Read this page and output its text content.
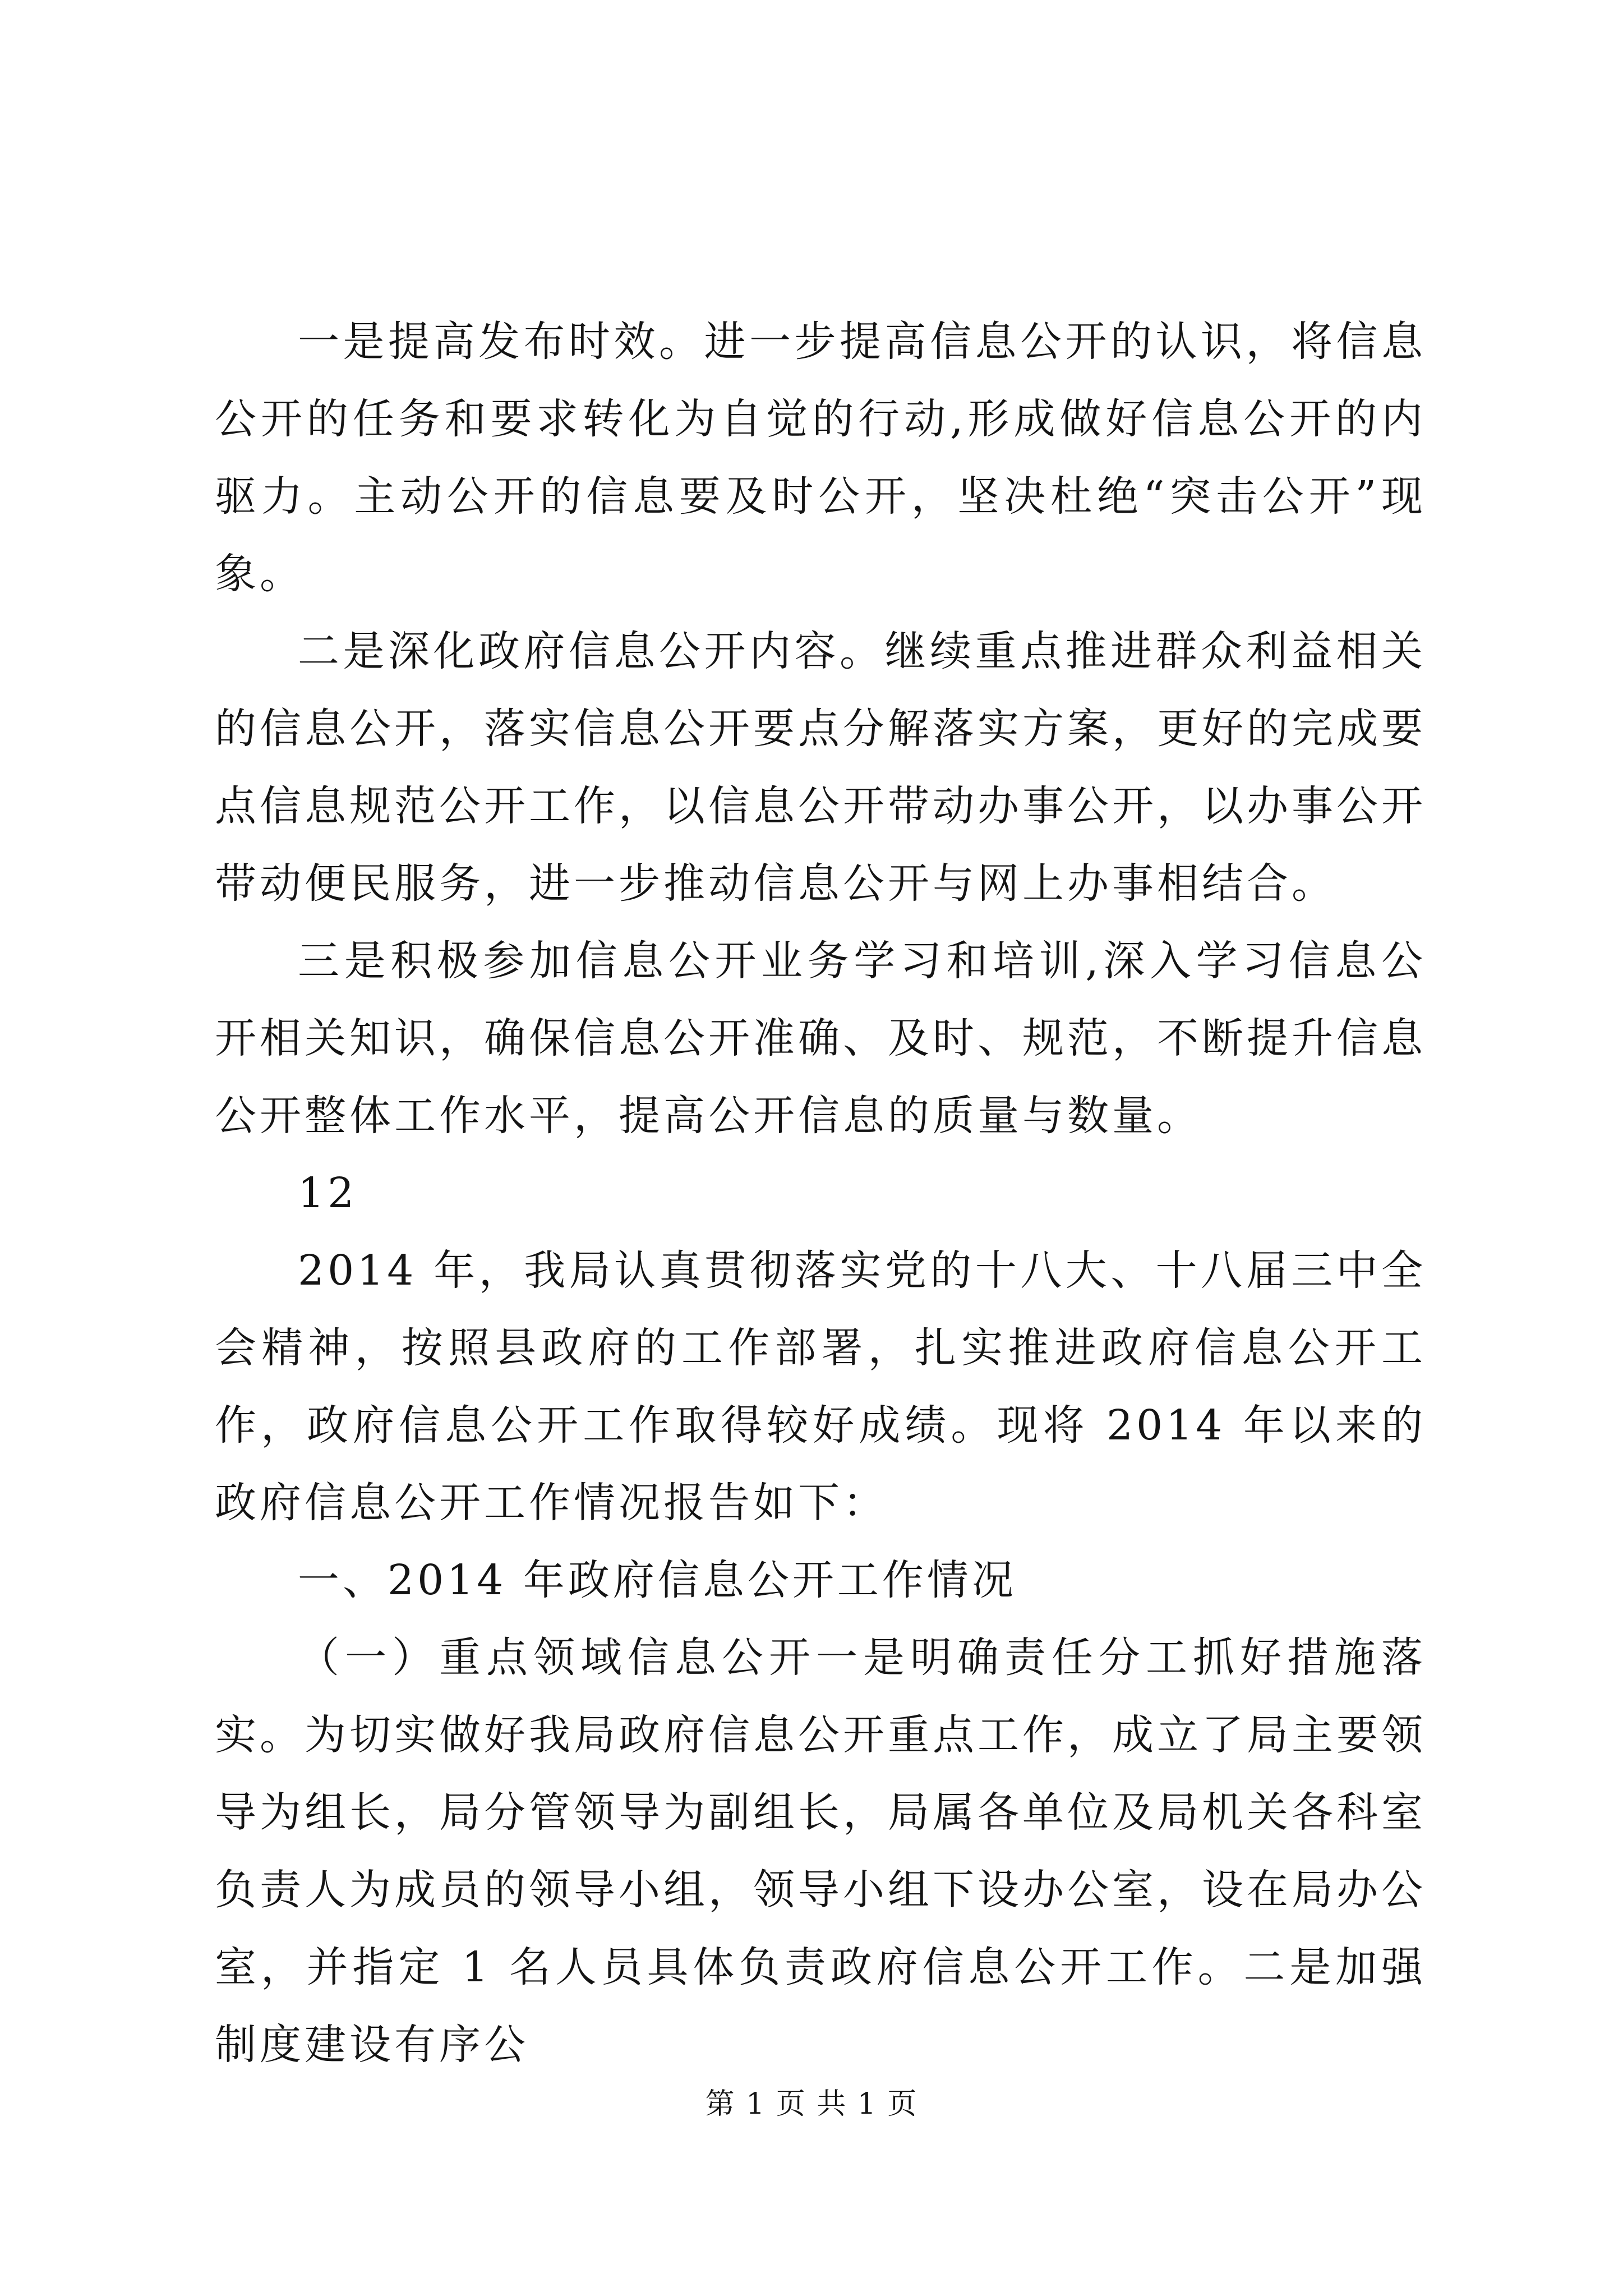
一是提高发布时效。进一步提高信息公开的认识，将信息公开的任务和要求转化为自觉的行动,形成做好信息公开的内驱力。主动公开的信息要及时公开，坚决杜绝“突击公开”现象。

二是深化政府信息公开内容。继续重点推进群众利益相关的信息公开，落实信息公开要点分解落实方案，更好的完成要点信息规范公开工作，以信息公开带动办事公开，以办事公开带动便民服务，进一步推动信息公开与网上办事相结合。

三是积极参加信息公开业务学习和培训,深入学习信息公开相关知识，确保信息公开准确、及时、规范，不断提升信息公开整体工作水平，提高公开信息的质量与数量。

12

2014 年，我局认真贯彻落实党的十八大、十八届三中全会精神，按照县政府的工作部署，扎实推进政府信息公开工作，政府信息公开工作取得较好成绩。现将 2014 年以来的政府信息公开工作情况报告如下：

一、2014 年政府信息公开工作情况

（一）重点领域信息公开一是明确责任分工抓好措施落实。为切实做好我局政府信息公开重点工作，成立了局主要领导为组长，局分管领导为副组长，局属各单位及局机关各科室负责人为成员的领导小组，领导小组下设办公室，设在局办公室，并指定 1 名人员具体负责政府信息公开工作。二是加强制度建设有序公

第 1 页 共 1 页
